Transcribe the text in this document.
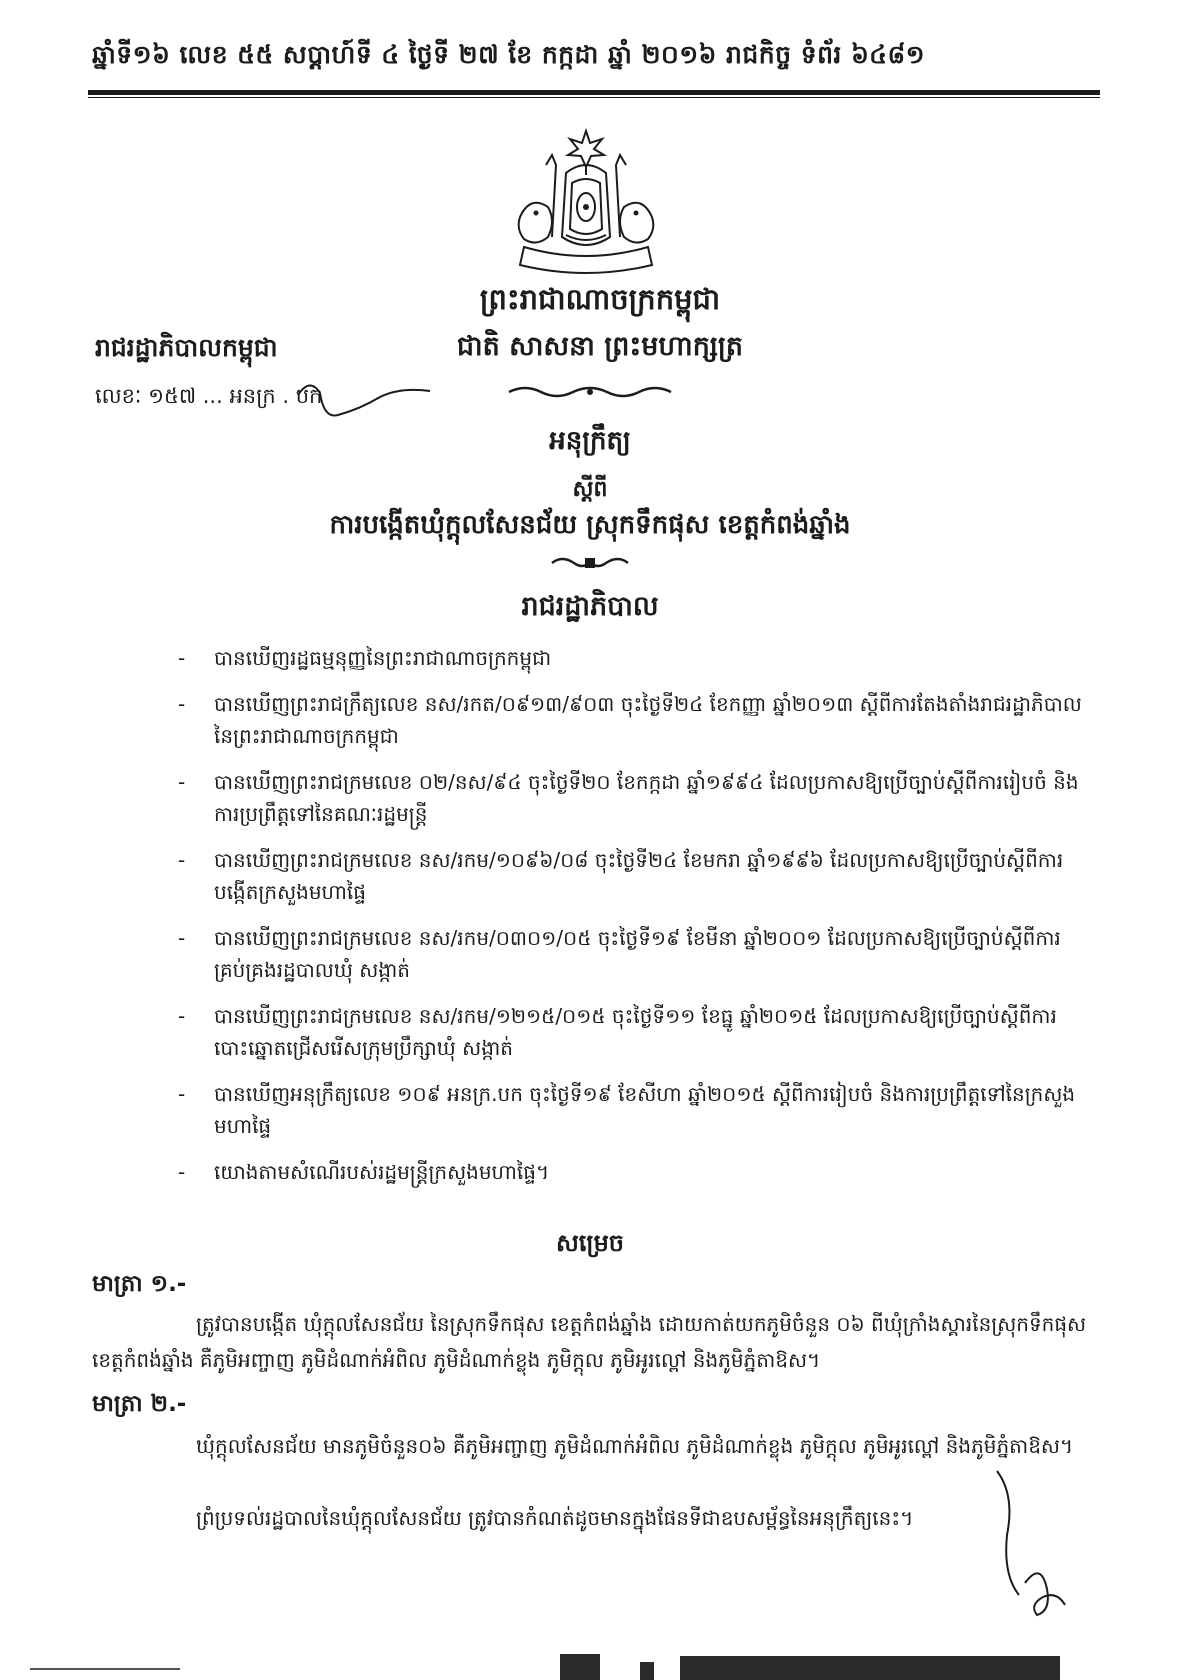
ឆ្នាំទី១៦ លេខ ៥៥ សប្តាហ៍ទី ៤ ថ្ងៃទី ២៧ ខែ កក្កដា ឆ្នាំ ២០១៦ រាជកិច្ច ទំព័រ ៦៤៨១
ព្រះរាជាណាចក្រកម្ពុជា
ជាតិ សាសនា ព្រះមហាក្សត្រ
រាជរដ្ឋាភិបាលកម្ពុជា
លេខៈ ១៥៧ ... អនក្រ . បក
អនុក្រឹត្យ
ស្តីពី
ការបង្កើតឃុំក្តុលសែនជ័យ ស្រុកទឹកផុស ខេត្តកំពង់ឆ្នាំង
រាជរដ្ឋាភិបាល
-	បានឃើញរដ្ឋធម្មនុញ្ញនៃព្រះរាជាណាចក្រកម្ពុជា
-	បានឃើញព្រះរាជក្រឹត្យលេខ នស/រកត/០៩១៣/៩០៣ ចុះថ្ងៃទី២៤ ខែកញ្ញា ឆ្នាំ២០១៣ ស្តីពីការតែងតាំងរាជរដ្ឋាភិបាលនៃព្រះរាជាណាចក្រកម្ពុជា
-	បានឃើញព្រះរាជក្រមលេខ ០២/នស/៩៤ ចុះថ្ងៃទី២០ ខែកក្កដា ឆ្នាំ១៩៩៤ ដែលប្រកាសឱ្យប្រើច្បាប់ស្តីពីការរៀបចំ និងការប្រព្រឹត្តទៅនៃគណៈរដ្ឋមន្ត្រី
-	បានឃើញព្រះរាជក្រមលេខ នស/រកម/១០៩៦/០៨ ចុះថ្ងៃទី២៤ ខែមករា ឆ្នាំ១៩៩៦ ដែលប្រកាសឱ្យប្រើច្បាប់ស្តីពីការបង្កើតក្រសួងមហាផ្ទៃ
-	បានឃើញព្រះរាជក្រមលេខ នស/រកម/០៣០១/០៥ ចុះថ្ងៃទី១៩ ខែមីនា ឆ្នាំ២០០១ ដែលប្រកាសឱ្យប្រើច្បាប់ស្តីពីការគ្រប់គ្រងរដ្ឋបាលឃុំ សង្កាត់
-	បានឃើញព្រះរាជក្រមលេខ នស/រកម/១២១៥/០១៥ ចុះថ្ងៃទី១១ ខែធ្នូ ឆ្នាំ២០១៥ ដែលប្រកាសឱ្យប្រើច្បាប់ស្តីពីការបោះឆ្នោតជ្រើសរើសក្រុមប្រឹក្សាឃុំ សង្កាត់
-	បានឃើញអនុក្រឹត្យលេខ ១០៩ អនក្រ.បក ចុះថ្ងៃទី១៩ ខែសីហា ឆ្នាំ២០១៥ ស្តីពីការរៀបចំ និងការប្រព្រឹត្តទៅនៃក្រសួងមហាផ្ទៃ
-	យោងតាមសំណើរបស់រដ្ឋមន្ត្រីក្រសួងមហាផ្ទៃ។
សម្រេច
មាត្រា ១.-
ត្រូវបានបង្កើត ឃុំក្តុលសែនជ័យ នៃស្រុកទឹកផុស ខេត្តកំពង់ឆ្នាំង ដោយកាត់យកភូមិចំនួន ០៦ ពីឃុំក្រាំងស្គារនៃស្រុកទឹកផុស ខេត្តកំពង់ឆ្នាំង គឺភូមិអញ្ចាញ ភូមិដំណាក់អំពិល ភូមិដំណាក់ខ្លុង ភូមិក្តុល ភូមិអូរល្ពៅ និងភូមិភ្នំតាឱស។
មាត្រា ២.-
ឃុំក្តុលសែនជ័យ មានភូមិចំនួន០៦ គឺភូមិអញ្ចាញ ភូមិដំណាក់អំពិល ភូមិដំណាក់ខ្លុង ភូមិក្តុល ភូមិអូរល្ពៅ និងភូមិភ្នំតាឱស។
ព្រំប្រទល់រដ្ឋបាលនៃឃុំក្តុលសែនជ័យ ត្រូវបានកំណត់ដូចមានក្នុងផែនទីជាឧបសម្ព័ន្ធនៃអនុក្រឹត្យនេះ។
